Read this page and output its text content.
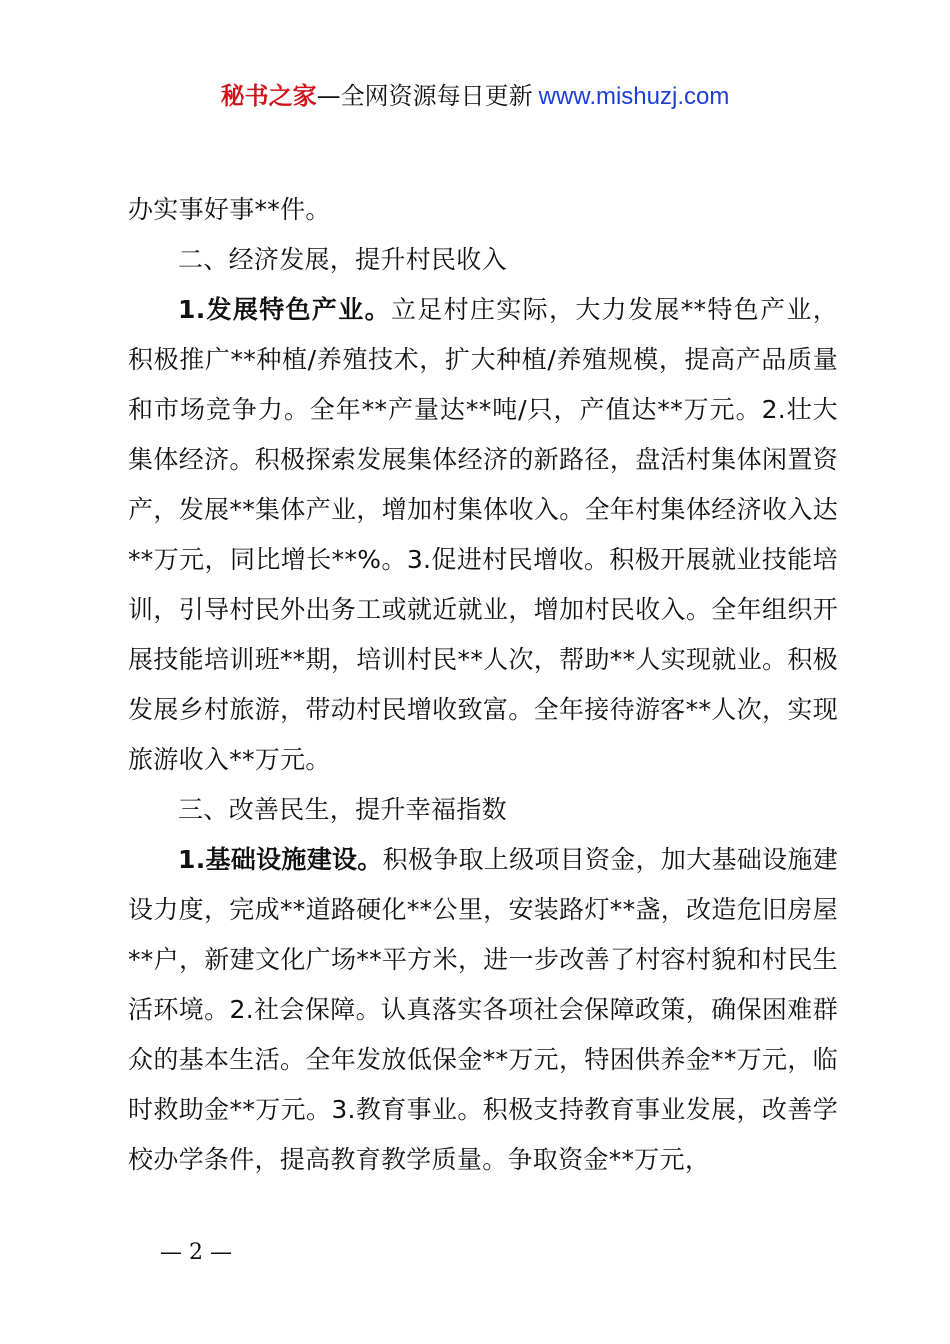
秘书之家—全网资源每日更新 www.mishuzj.com

办实事好事**件。

二、经济发展，提升村民收入

1.发展特色产业。立足村庄实际，大力发展**特色产业，积极推广**种植/养殖技术，扩大种植/养殖规模，提高产品质量和市场竞争力。全年**产量达**吨/只，产值达**万元。2.壮大集体经济。积极探索发展集体经济的新路径，盘活村集体闲置资产，发展**集体产业，增加村集体收入。全年村集体经济收入达**万元，同比增长**%。3.促进村民增收。积极开展就业技能培训，引导村民外出务工或就近就业，增加村民收入。全年组织开展技能培训班**期，培训村民**人次，帮助**人实现就业。积极发展乡村旅游，带动村民增收致富。全年接待游客**人次，实现旅游收入**万元。

三、改善民生，提升幸福指数

1.基础设施建设。积极争取上级项目资金，加大基础设施建设力度，完成**道路硬化**公里，安装路灯**盏，改造危旧房屋**户，新建文化广场**平方米，进一步改善了村容村貌和村民生活环境。2.社会保障。认真落实各项社会保障政策，确保困难群众的基本生活。全年发放低保金**万元，特困供养金**万元，临时救助金**万元。3.教育事业。积极支持教育事业发展，改善学校办学条件，提高教育教学质量。争取资金**万元，

— 2 —
